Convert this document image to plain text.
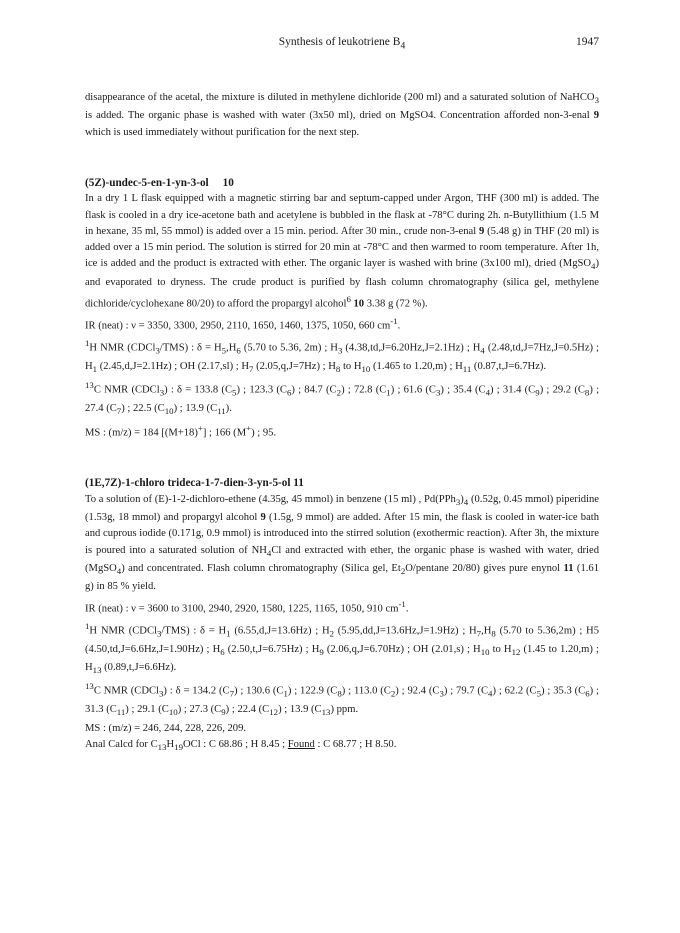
Synthesis of leukotriene $B_4$	1947

disappearance of the acetal, the mixture is diluted in methylene dichloride (200 ml) and a saturated solution of NaHCO$_3$ is added. The organic phase is washed with water (3x50 ml), dried on MgSO4. Concentration afforded non-3-enal 9 which is used immediately without purification for the next step.

(5Z)-undec-5-en-1-yn-3-ol 10

In a dry 1 L flask equipped with a magnetic stirring bar and septum-capped under Argon, THF (300 ml) is added. The flask is cooled in a dry ice-acetone bath and acetylene is bubbled in the flask at -78°C during 2h. n-Butyllithium (1.5 M in hexane, 35 ml, 55 mmol) is added over a 15 min. period. After 30 min., crude non-3-enal 9 (5.48 g) in THF (20 ml) is added over a 15 min period. The solution is stirred for 20 min at -78°C and then warmed to room temperature. After 1h, ice is added and the product is extracted with ether. The organic layer is washed with brine (3x100 ml), dried (MgSO$_4$) and evaporated to dryness. The crude product is purified by flash column chromatography (silica gel, methylene dichloride/cyclohexane 80/20) to afford the propargyl alcohol$^6$ 10 3.38 g (72 %).

IR (neat) : ν = 3350, 3300, 2950, 2110, 1650, 1460, 1375, 1050, 660 $cm^{-1}$.

$^1$H NMR (CDCl$_3$/TMS) : $\delta = H_5,H_6$ (5.70 to 5.36, 2m) ; $H_3$ (4.38,td,J=6.20Hz,J=2.1Hz) ; $H_4$ (2.48,td,J=7Hz,J=0.5Hz) ; $H_1$ (2.45,d,J=2.1Hz) ; OH (2.17,sl) ; $H_7$ (2.05,q,J=7Hz) ; $H_8$ to $H_{10}$ (1.465 to 1.20,m) ; $H_{11}$ (0.87,t,J=6.7Hz).

$^{13}$C NMR (CDCl$_3$) : δ = 133.8 $(C_5)$ ; 123.3 $(C_6)$ ; 84.7 $(C_2)$ ; 72.8 $(C_1)$ ; 61.6 $(C_3)$ ; 35.4 $(C_4)$ ; 31.4 $(C_9)$ ; 29.2 $(C_8)$ ; 27.4 $(C_7)$ ; 22.5 $(C_{10})$ ; 13.9 $(C_{11})$.

MS : (m/z) = 184 [(M+18)+] ; 166 (M+) ; 95.

(1E,7Z)-1-chloro trideca-1-7-dien-3-yn-5-ol 11

To a solution of (E)-1-2-dichloro-ethene (4.35g, 45 mmol) in benzene (15 ml) , $Pd(PPh_3)_4$ (0.52g, 0.45 mmol) piperidine (1.53g, 18 mmol) and propargyl alcohol 9 (1.5g, 9 mmol) are added. After 15 min, the flask is cooled in water-ice bath and cuprous iodide (0.171g, 0.9 mmol) is introduced into the stirred solution (exothermic reaction). After 3h, the mixture is poured into a saturated solution of $NH_4Cl$ and extracted with ether, the organic phase is washed with water, dried (MgSO$_4$) and concentrated. Flash column chromatography (Silica gel, $Et_2O$/pentane 20/80) gives pure enynol 11 (1.61 g) in 85 % yield.

IR (neat) : ν = 3600 to 3100, 2940, 2920, 1580, 1225, 1165, 1050, 910 $cm^{-1}$.

$^1$H NMR (CDCl$_3$/TMS) : $\delta = H_1$ (6.55,d,J=13.6Hz) ; $H_2$ (5.95,dd,J=13.6Hz,J=1.9Hz) ; $H_7,H_8$ (5.70 to 5.36,2m) ; H5 (4.50,td,J=6.6Hz,J=1.90Hz) ; $H_6$ (2.50,t,J=6.75Hz) ; $H_9$ (2.06,q,J=6.70Hz) ; OH (2.01,s) ; $H_{10}$ to $H_{12}$ (1.45 to 1.20,m) ; $H_{13}$ (0.89,t,J=6.6Hz).

$^{13}$C NMR (CDCl$_3$) : δ = 134.2 $(C_7)$ ; 130.6 $(C_1)$ ; 122.9 $(C_8)$ ; 113.0 $(C_2)$ ; 92.4 $(C_3)$ ; 79.7 $(C_4)$ ; 62.2 $(C_5)$ ; 35.3 $(C_6)$ ; 31.3 $(C_{11})$ ; 29.1 $(C_{10})$ ; 27.3 $(C_9)$ ; 22.4 $(C_{12})$ ; 13.9 $(C_{13})$ ppm.

MS : (m/z) = 246, 244, 228, 226, 209.

Anal Calcd for $C_{13}H_{19}OCl$ : C 68.86 ; H 8.45 ; Found : C 68.77 ; H 8.50.
